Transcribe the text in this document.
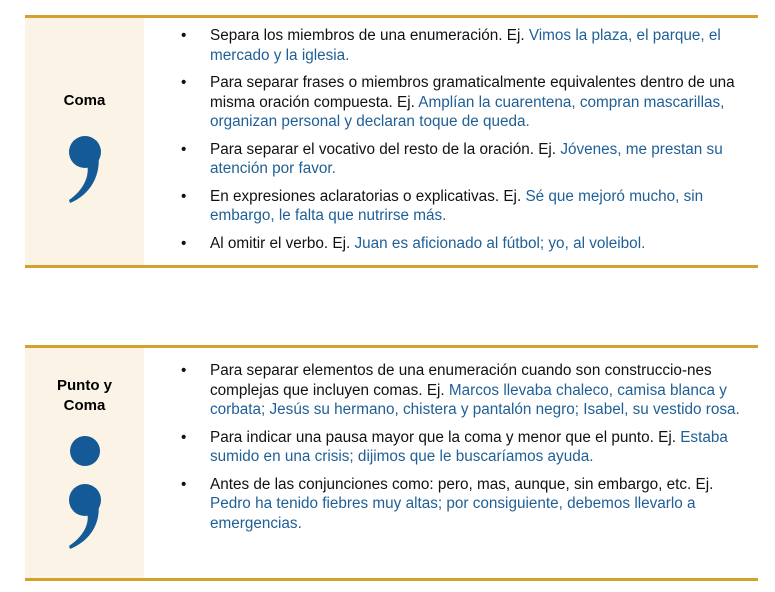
Coma
• Separa los miembros de una enumeración. Ej. Vimos la plaza, el parque, el mercado y la iglesia.
• Para separar frases o miembros gramaticalmente equivalentes dentro de una misma oración compuesta. Ej. Amplían la cuarentena, compran mascarillas, organizan personal y declaran toque de queda.
• Para separar el vocativo del resto de la oración. Ej. Jóvenes, me prestan su atención por favor.
• En expresiones aclaratorias o explicativas. Ej. Sé que mejoró mucho, sin embargo, le falta que nutrirse más.
• Al omitir el verbo. Ej. Juan es aficionado al fútbol; yo, al voleibol.
Punto y Coma
• Para separar elementos de una enumeración cuando son construccio-nes complejas que incluyen comas. Ej. Marcos llevaba chaleco, camisa blanca y corbata; Jesús su hermano, chistera y pantalón negro; Isabel, su vestido rosa.
• Para indicar una pausa mayor que la coma y menor que el punto. Ej. Estaba sumido en una crisis; dijimos que le buscaríamos ayuda.
• Antes de las conjunciones como: pero, mas, aunque, sin embargo, etc. Ej. Pedro ha tenido fiebres muy altas; por consiguiente, debemos llevarlo a emergencias.
